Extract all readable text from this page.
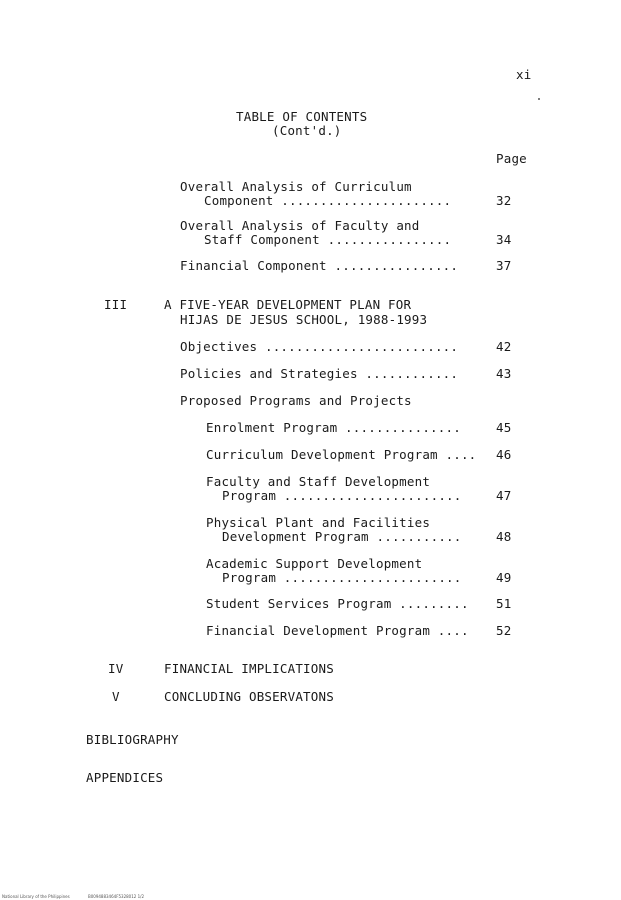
xi
TABLE OF CONTENTS
(Cont'd.)
Page
Overall Analysis of Curriculum
Component ......................	32
Overall Analysis of Faculty and
Staff Component ................	34
Financial Component ................	37
III	A FIVE-YEAR DEVELOPMENT PLAN FOR
HIJAS DE JESUS SCHOOL, 1988-1993
Objectives .........................	42
Policies and Strategies ............	43
Proposed Programs and Projects
Enrolment Program ...............	45
Curriculum Development Program .... 46
Faculty and Staff Development
Program .......................	47
Physical Plant and Facilities
Development Program ...........	48
Academic Support Development
Program .......................	49
Student Services Program ......... 51
Financial Development Program .... 52
IV	FINANCIAL IMPLICATIONS
V	CONCLUDING OBSERVATONS
BIBLIOGRAPHY
APPENDICES
National Library of the Philippines	B0094883464F5328012 1/2
